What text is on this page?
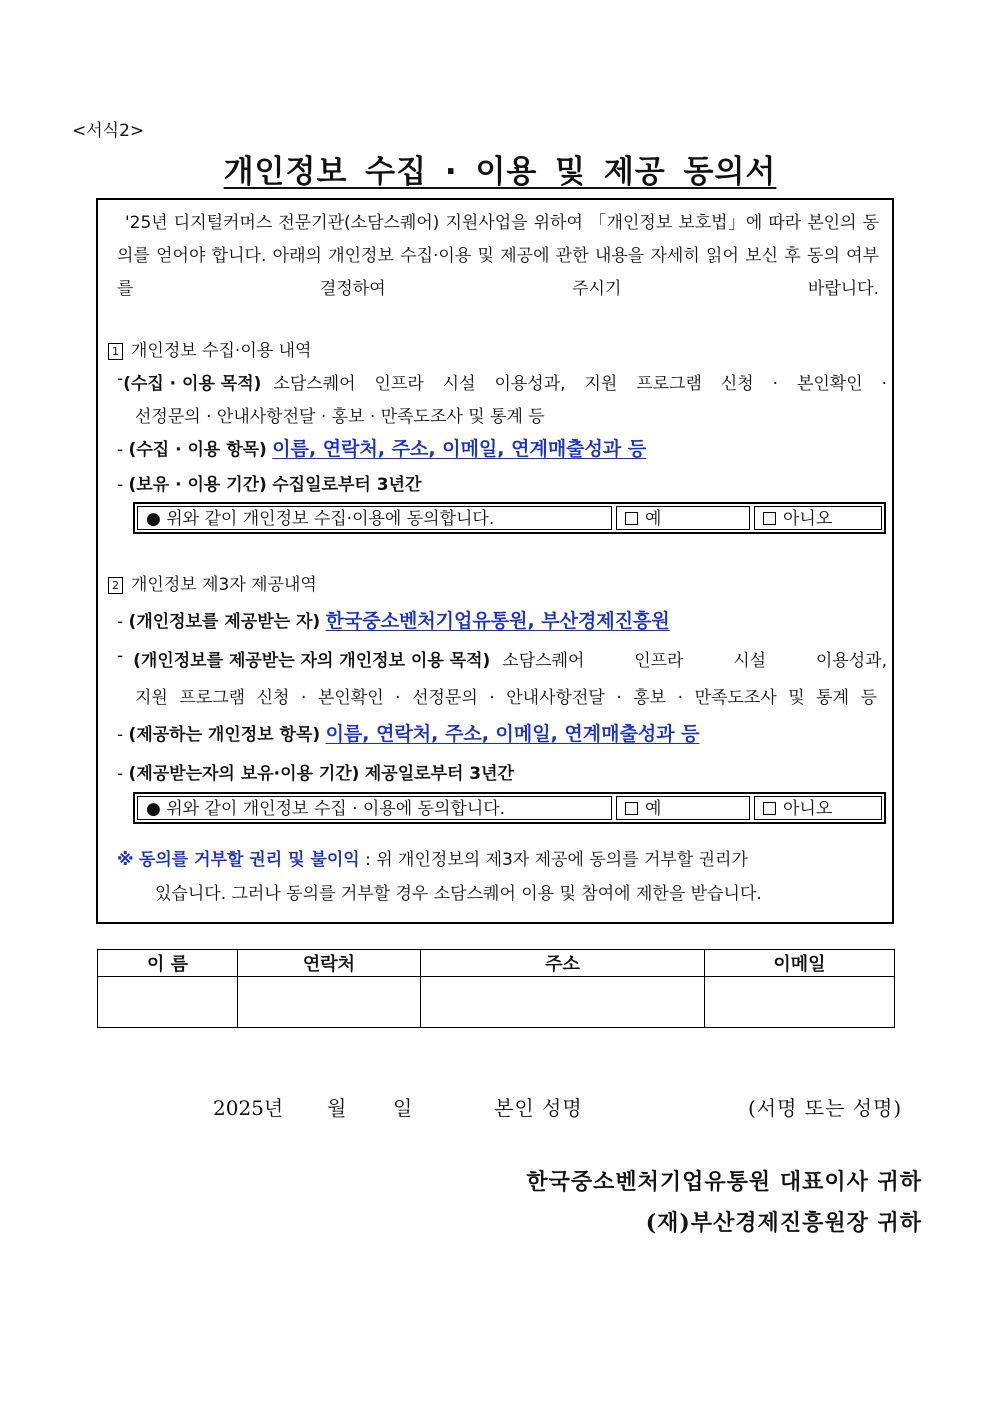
<서식2>
개인정보 수집 · 이용 및 제공 동의서
'25년 디지털커머스 전문기관(소담스퀘어) 지원사업을 위하여 「개인정보 보호법」에 따라 본인의 동의를 얻어야 합니다. 아래의 개인정보 수집·이용 및 제공에 관한 내용을 자세히 읽어 보신 후 동의 여부를 결정하여 주시기 바랍니다.
1 개인정보 수집·이용 내역
- (수집 · 이용 목적) 소담스퀘어 인프라 시설 이용성과, 지원 프로그램 신청 · 본인확인 ·
선정문의 · 안내사항전달 · 홍보 · 만족도조사 및 통계 등
- (수집 · 이용 항목) 이름, 연락처, 주소, 이메일, 연계매출성과 등
- (보유 · 이용 기간) 수집일로부터 3년간
● 위와 같이 개인정보 수집·이용에 동의합니다.	예	아니오
2 개인정보 제3자 제공내역
- (개인정보를 제공받는 자) 한국중소벤처기업유통원, 부산경제진흥원
- (개인정보를 제공받는 자의 개인정보 이용 목적) 소담스퀘어 인프라 시설 이용성과,
지원 프로그램 신청 · 본인확인 · 선정문의 · 안내사항전달 · 홍보 · 만족도조사 및 통계 등
- (제공하는 개인정보 항목) 이름, 연락처, 주소, 이메일, 연계매출성과 등
- (제공받는자의 보유·이용 기간) 제공일로부터 3년간
● 위와 같이 개인정보 수집 · 이용에 동의합니다.	예	아니오
※ 동의를 거부할 권리 및 불이익 : 위 개인정보의 제3자 제공에 동의를 거부할 권리가
있습니다. 그러나 동의를 거부할 경우 소담스퀘어 이용 및 참여에 제한을 받습니다.
이 름	연락처	주소	이메일

2025년 월 일	본인 성명	(서명 또는 성명)
한국중소벤처기업유통원 대표이사 귀하
(재)부산경제진흥원장 귀하
